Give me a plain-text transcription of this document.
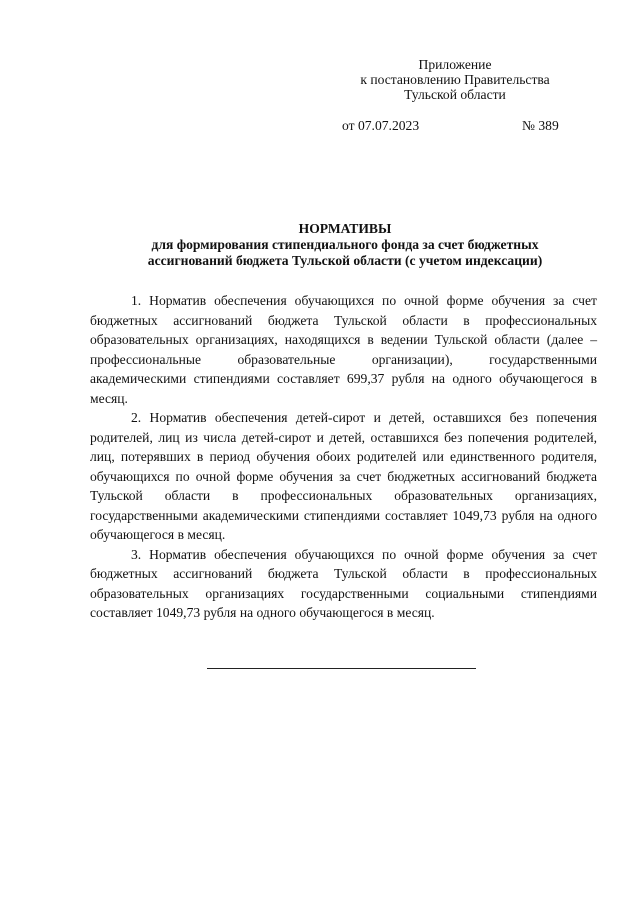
Приложение
к постановлению Правительства
Тульской области
от 07.07.2023	№ 389
НОРМАТИВЫ
для формирования стипендиального фонда за счет бюджетных
ассигнований бюджета Тульской области (с учетом индексации)

1. Норматив обеспечения обучающихся по очной форме обучения за счет бюджетных ассигнований бюджета Тульской области в профессиональных образовательных организациях, находящихся в ведении Тульской области (далее – профессиональные образовательные организации), государственными академическими стипендиями составляет 699,37 рубля на одного обучающегося в месяц.

2. Норматив обеспечения детей-сирот и детей, оставшихся без попечения родителей, лиц из числа детей-сирот и детей, оставшихся без попечения родителей, лиц, потерявших в период обучения обоих родителей или единственного родителя, обучающихся по очной форме обучения за счет бюджетных ассигнований бюджета Тульской области в профессиональных образовательных организациях, государственными академическими стипендиями составляет 1049,73 рубля на одного обучающегося в месяц.

3. Норматив обеспечения обучающихся по очной форме обучения за счет бюджетных ассигнований бюджета Тульской области в профессиональных образовательных организациях государственными социальными стипендиями составляет 1049,73 рубля на одного обучающегося в месяц.
